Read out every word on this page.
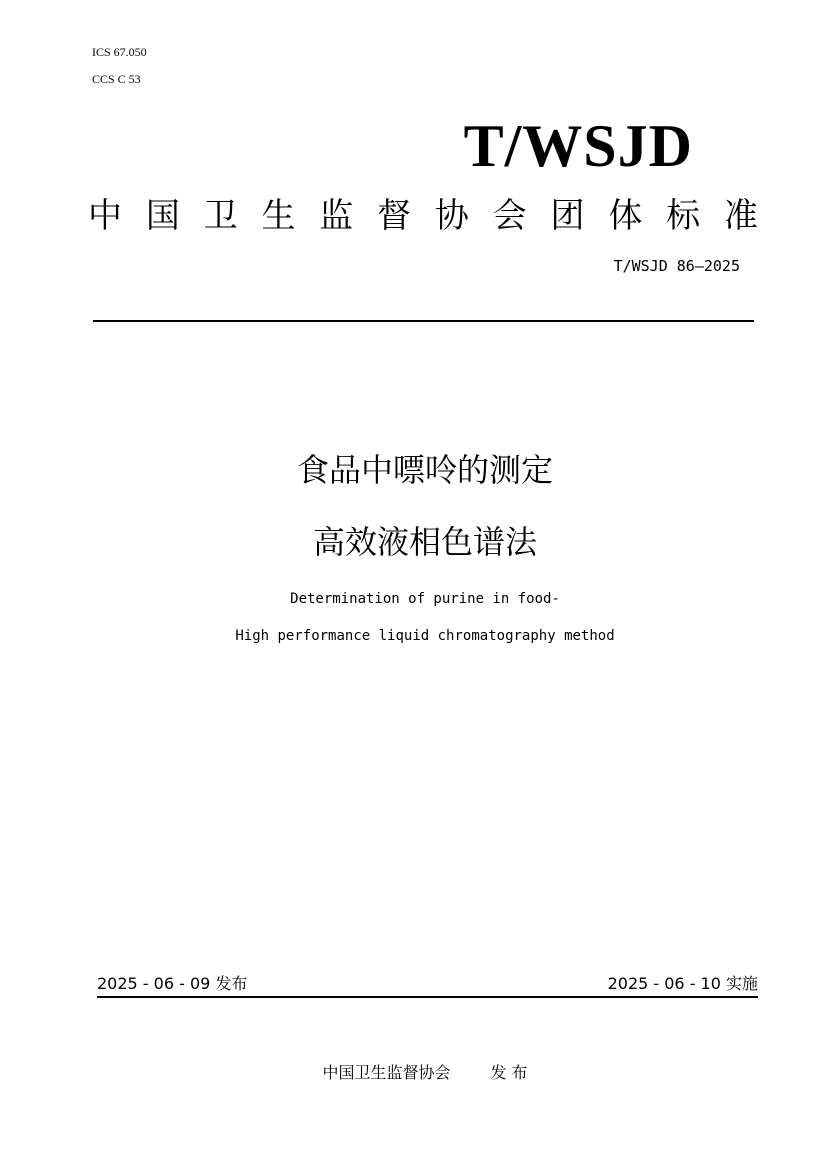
ICS 67.050
CCS C 53
T/WSJD
中 国 卫 生 监 督 协 会 团 体 标 准
T/WSJD 86—2025
食品中嘌呤的测定
高效液相色谱法
Determination of purine in food-
High performance liquid chromatography method
2025 - 06 - 09 发布	2025 - 06 - 10 实施
中国卫生监督协会	发 布
